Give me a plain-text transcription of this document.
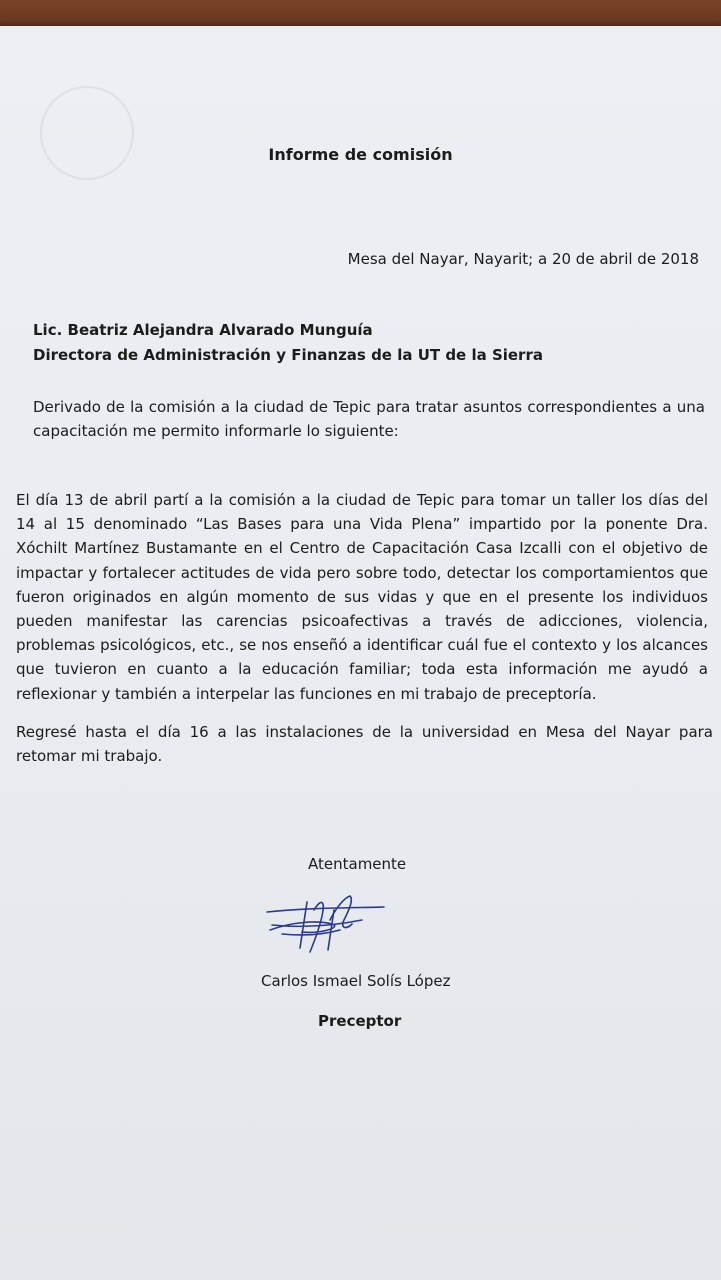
Informe de comisión
Mesa del Nayar, Nayarit; a 20 de abril de 2018
Lic. Beatriz Alejandra Alvarado Munguía
Directora de Administración y Finanzas de la UT de la Sierra
Derivado de la comisión a la ciudad de Tepic para tratar asuntos correspondientes a una capacitación me permito informarle lo siguiente:
El día 13 de abril partí a la comisión a la ciudad de Tepic para tomar un taller los días del 14 al 15 denominado “Las Bases para una Vida Plena” impartido por la ponente Dra. Xóchilt Martínez Bustamante en el Centro de Capacitación Casa Izcalli con el objetivo de impactar y fortalecer actitudes de vida pero sobre todo, detectar los comportamientos que fueron originados en algún momento de sus vidas y que en el presente los individuos pueden manifestar las carencias psicoafectivas a través de adicciones, violencia, problemas psicológicos, etc., se nos enseñó a identificar cuál fue el contexto y los alcances que tuvieron en cuanto a la educación familiar; toda esta información me ayudó a reflexionar y también a interpelar las funciones en mi trabajo de preceptoría.
Regresé hasta el día 16 a las instalaciones de la universidad en Mesa del Nayar para retomar mi trabajo.
Atentamente
Carlos Ismael Solís López
Preceptor
